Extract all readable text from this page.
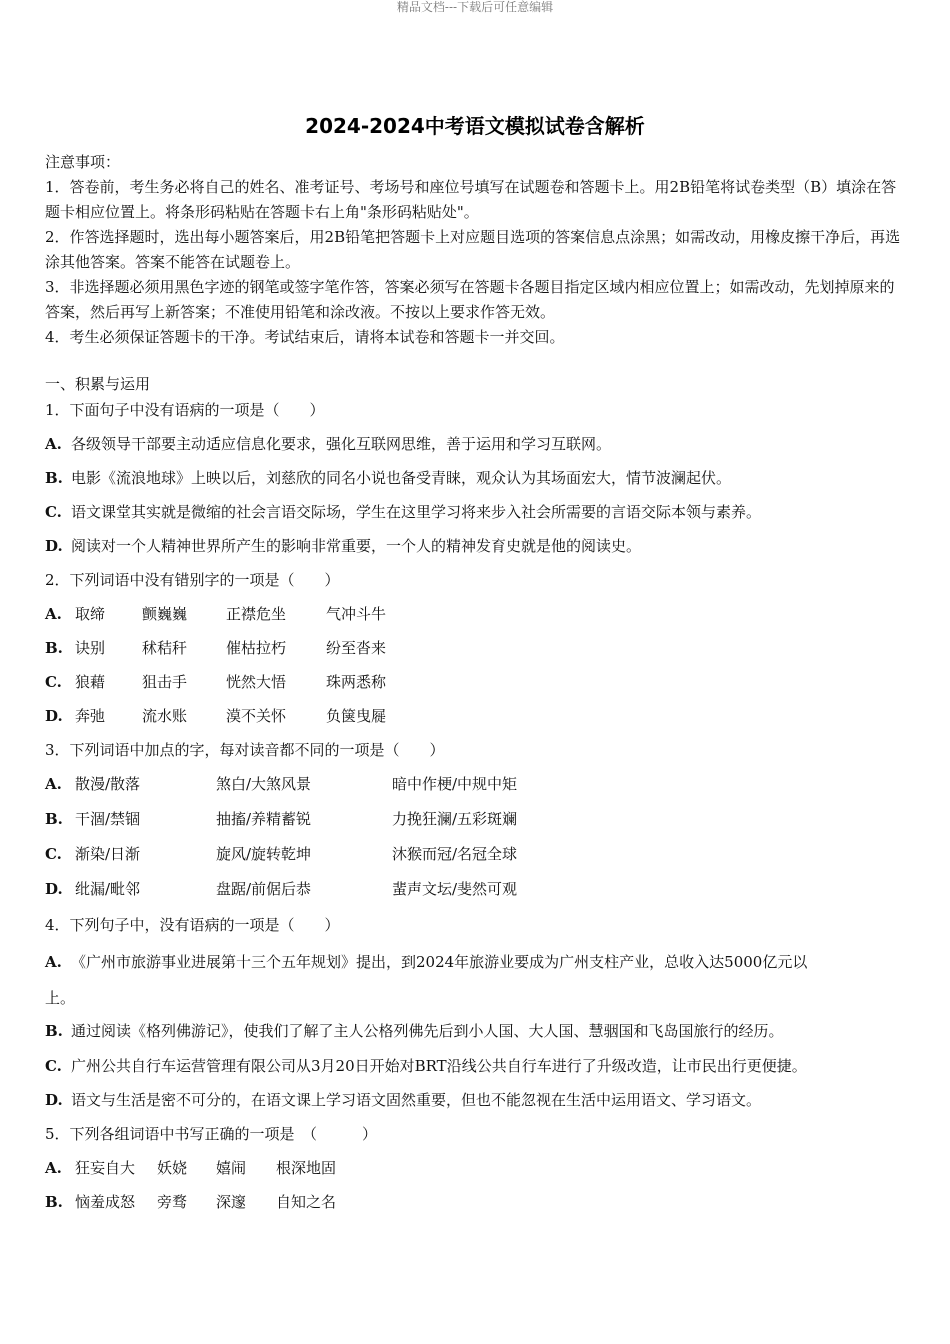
精品文档---下载后可任意编辑
2024-2024中考语文模拟试卷含解析

注意事项：

1．答卷前，考生务必将自己的姓名、准考证号、考场号和座位号填写在试题卷和答题卡上。用2B铅笔将试卷类型（B）填涂在答题卡相应位置上。将条形码粘贴在答题卡右上角"条形码粘贴处"。

2．作答选择题时，选出每小题答案后，用2B铅笔把答题卡上对应题目选项的答案信息点涂黑；如需改动，用橡皮擦干净后，再选涂其他答案。答案不能答在试题卷上。

3．非选择题必须用黑色字迹的钢笔或签字笔作答，答案必须写在答题卡各题目指定区域内相应位置上；如需改动，先划掉原来的答案，然后再写上新答案；不准使用铅笔和涂改液。不按以上要求作答无效。

4．考生必须保证答题卡的干净。考试结束后，请将本试卷和答题卡一并交回。

一、积累与运用
1．下面句子中没有语病的一项是（　　）
A. 各级领导干部要主动适应信息化要求，强化互联网思维，善于运用和学习互联网。
B. 电影《流浪地球》上映以后，刘慈欣的同名小说也备受青睐，观众认为其场面宏大，情节波澜起伏。
C. 语文课堂其实就是微缩的社会言语交际场，学生在这里学习将来步入社会所需要的言语交际本领与素养。
D. 阅读对一个人精神世界所产生的影响非常重要，一个人的精神发育史就是他的阅读史。
2．下列词语中没有错别字的一项是（　　）
A. 取缔 颤巍巍	正襟危坐	气冲斗牛
B. 诀别 秫秸秆	催枯拉朽	纷至沓来
C. 狼藉 狙击手	恍然大悟	珠两悉称
D. 奔弛 流水账	漠不关怀	负箧曳屣
3．下列词语中加点的字，每对读音都不同的一项是（　　）
A. 散漫/散落	煞白/大煞风景	暗中作梗/中规中矩
B. 干涸/禁锢	抽搐/养精蓄锐	力挽狂澜/五彩斑斓
C. 渐染/日渐	旋风/旋转乾坤	沐猴而冠/名冠全球
D. 纰漏/毗邻	盘踞/前倨后恭	蜚声文坛/斐然可观
4．下列句子中，没有语病的一项是（　　）
A. 《广州市旅游事业进展第十三个五年规划》提出，到2024年旅游业要成为广州支柱产业，总收入达5000亿元以
上。
B. 通过阅读《格列佛游记》，使我们了解了主人公格列佛先后到小人国、大人国、慧骃国和飞岛国旅行的经历。
C. 广州公共自行车运营管理有限公司从3月20日开始对BRT沿线公共自行车进行了升级改造，让市民出行更便捷。
D. 语文与生活是密不可分的，在语文课上学习语文固然重要，但也不能忽视在生活中运用语文、学习语文。
5．下列各组词语中书写正确的一项是　（　　　）
A. 狂妄自大 妖娆 嬉闹 根深地固
B. 恼羞成怒 旁骛 深邃 自知之名
